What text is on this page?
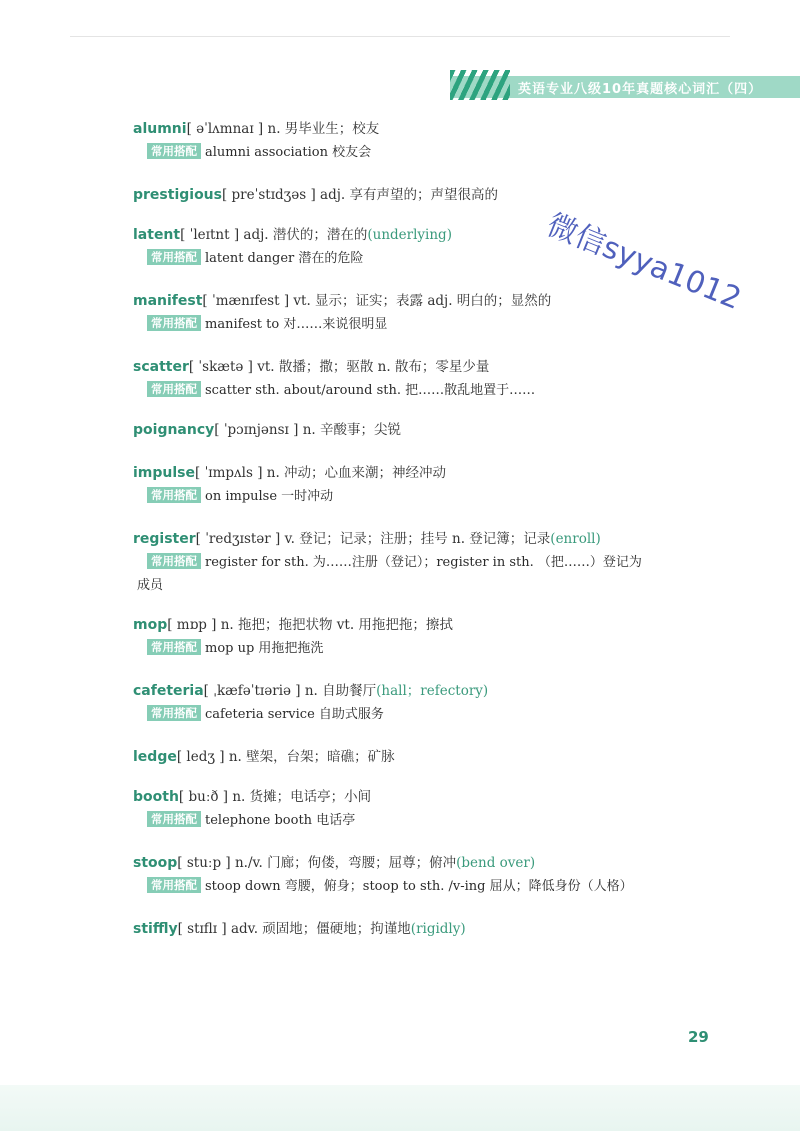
英语专业八级10年真题核心词汇（四）
alumni[ əˈlʌmnaɪ ] n. 男毕业生；校友
常用搭配 alumni association 校友会
prestigious[ preˈstɪdʒəs ] adj. 享有声望的；声望很高的
latent[ ˈleɪtnt ] adj. 潜伏的；潜在的(underlying)
常用搭配 latent danger 潜在的危险
manifest[ ˈmænɪfest ] vt. 显示；证实；表露 adj. 明白的；显然的
常用搭配 manifest to 对……来说很明显
scatter[ ˈskætə ] vt. 散播；撒；驱散 n. 散布；零星少量
常用搭配 scatter sth. about/around sth. 把……散乱地置于……
poignancy[ ˈpɔɪnjənsɪ ] n. 辛酸事；尖锐
impulse[ ˈɪmpʌls ] n. 冲动；心血来潮；神经冲动
常用搭配 on impulse 一时冲动
register[ ˈredʒɪstər ] v. 登记；记录；注册；挂号 n. 登记簿；记录(enroll)
常用搭配 register for sth. 为……注册（登记）；register in sth. （把……）登记为
成员
mop[ mɒp ] n. 拖把；拖把状物 vt. 用拖把拖；擦拭
常用搭配 mop up 用拖把拖洗
cafeteria[ ˌkæfəˈtɪəriə ] n. 自助餐厅(hall；refectory)
常用搭配 cafeteria service 自助式服务
ledge[ ledʒ ] n. 壁架，台架；暗礁；矿脉
booth[ buːð ] n. 货摊；电话亭；小间
常用搭配 telephone booth 电话亭
stoop[ stuːp ] n./v. 门廊；佝偻，弯腰；屈尊；俯冲(bend over)
常用搭配 stoop down 弯腰，俯身；stoop to sth. /v-ing 屈从；降低身份（人格）
stiffly[ stɪflɪ ] adv. 顽固地；僵硬地；拘谨地(rigidly)
微信syya1012
29
